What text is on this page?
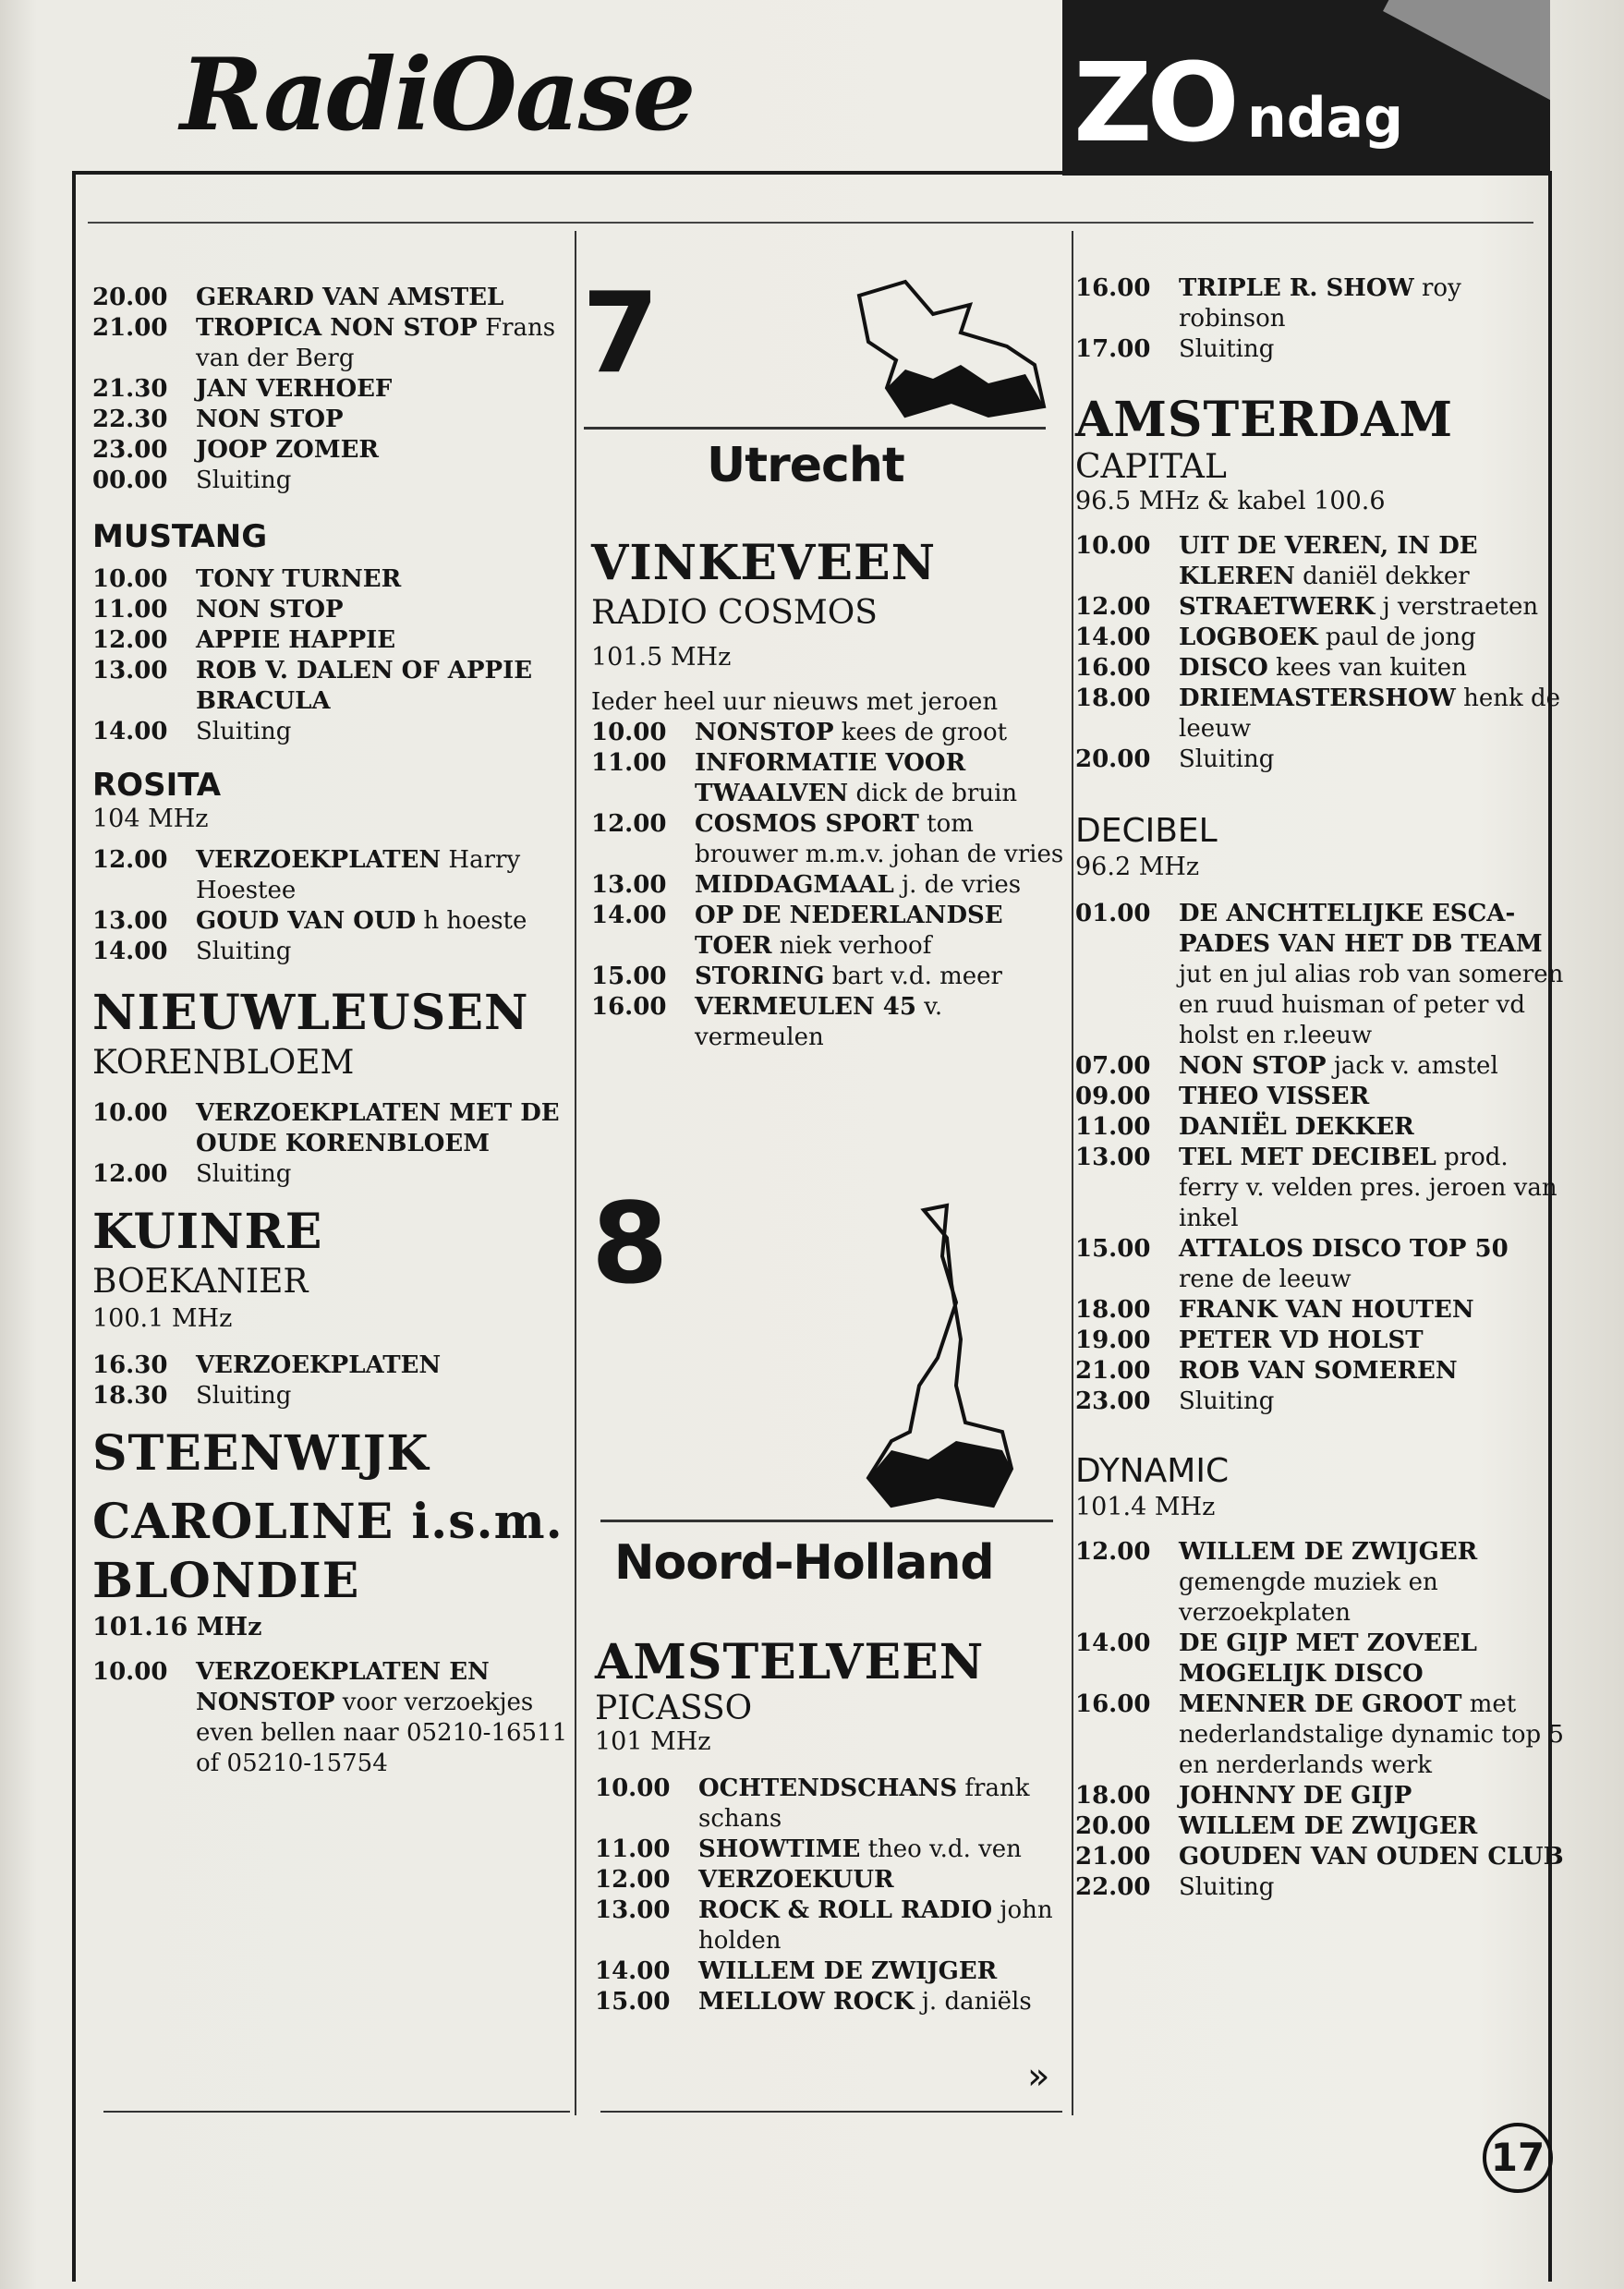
RadiOase	ZO ndag
20.00	GERARD VAN AMSTEL
21.00	TROPICA NON STOP Frans van der Berg
21.30	JAN VERHOEF
22.30	NON STOP
23.00	JOOP ZOMER
00.00	Sluiting
MUSTANG
10.00	TONY TURNER
11.00	NON STOP
12.00	APPIE HAPPIE
13.00	ROB V. DALEN OF APPIE BRACULA
14.00	Sluiting
ROSITA
104 MHz
12.00	VERZOEKPLATEN Harry Hoestee
13.00	GOUD VAN OUD h hoeste
14.00	Sluiting
NIEUWLEUSEN
KORENBLOEM
10.00	VERZOEKPLATEN MET DE OUDE KORENBLOEM
12.00	Sluiting
KUINRE
BOEKANIER
100.1 MHz
16.30	VERZOEKPLATEN
18.30	Sluiting
STEENWIJK
CAROLINE i.s.m.
BLONDIE
101.16 MHz
10.00	VERZOEKPLATEN EN NONSTOP voor verzoekjes even bellen naar 05210-16511 of 05210-15754
7
Utrecht
VINKEVEEN
RADIO COSMOS
101.5 MHz
Ieder heel uur nieuws met jeroen
10.00	NONSTOP kees de groot
11.00	INFORMATIE VOOR TWAALVEN dick de bruin
12.00	COSMOS SPORT tom brouwer m.m.v. johan de vries
13.00	MIDDAGMAAL j. de vries
14.00	OP DE NEDERLANDSE TOER niek verhoof
15.00	STORING bart v.d. meer
16.00	VERMEULEN 45 v. vermeulen
8
Noord-Holland
AMSTELVEEN
PICASSO
101 MHz
10.00	OCHTENDSCHANS frank schans
11.00	SHOWTIME theo v.d. ven
12.00	VERZOEKUUR
13.00	ROCK & ROLL RADIO john holden
14.00	WILLEM DE ZWIJGER
15.00	MELLOW ROCK j. daniëls
»
16.00	TRIPLE R. SHOW roy robinson
17.00	Sluiting
AMSTERDAM
CAPITAL
96.5 MHz & kabel 100.6
10.00	UIT DE VEREN, IN DE KLEREN daniël dekker
12.00	STRAETWERK j verstraeten
14.00	LOGBOEK paul de jong
16.00	DISCO kees van kuiten
18.00	DRIEMASTERSHOW henk de leeuw
20.00	Sluiting
DECIBEL
96.2 MHz
01.00	DE ANCHTELIJKE ESCA-PADES VAN HET DB TEAM jut en jul alias rob van someren en ruud huisman of peter vd holst en r.leeuw
07.00	NON STOP jack v. amstel
09.00	THEO VISSER
11.00	DANIËL DEKKER
13.00	TEL MET DECIBEL prod. ferry v. velden pres. jeroen van inkel
15.00	ATTALOS DISCO TOP 50 rene de leeuw
18.00	FRANK VAN HOUTEN
19.00	PETER VD HOLST
21.00	ROB VAN SOMEREN
23.00	Sluiting
DYNAMIC
101.4 MHz
12.00	WILLEM DE ZWIJGER gemengde muziek en verzoekplaten
14.00	DE GIJP MET ZOVEEL MOGELIJK DISCO
16.00	MENNER DE GROOT met nederlandstalige dynamic top 5 en nerderlands werk
18.00	JOHNNY DE GIJP
20.00	WILLEM DE ZWIJGER
21.00	GOUDEN VAN OUDEN CLUB
22.00	Sluiting
17
